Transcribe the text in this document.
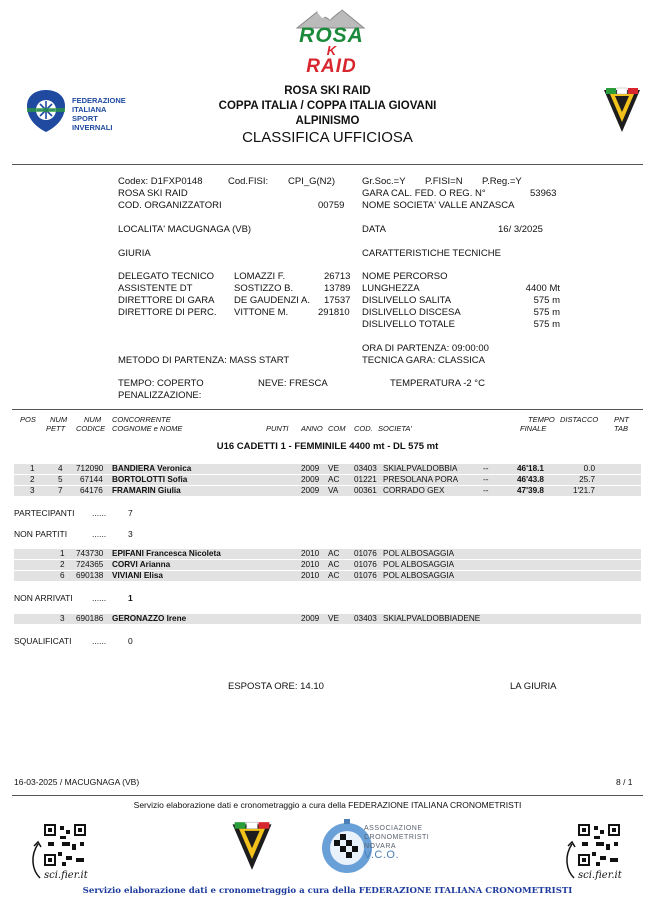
ROSA
K
RAID
FEDERAZIONE
ITALIANA
SPORT
INVERNALI
ROSA SKI RAID
COPPA ITALIA / COPPA ITALIA GIOVANI
ALPINISMO
CLASSIFICA UFFICIOSA
Codex: D1FXP0148	Cod.FISI: CPI_G(N2)	Gr.Soc.=Y P.FISI=N P.Reg.=Y
ROSA SKI RAID	GARA CAL. FED. O REG. N°	53963
COD. ORGANIZZATORI	00759 NOME SOCIETA' VALLE ANZASCA
LOCALITA' MACUGNAGA (VB)	DATA	16/ 3/2025
GIURIA	CARATTERISTICHE TECNICHE
DELEGATO TECNICO LOMAZZI F.	26713
ASSISTENTE DT	SOSTIZZO B.	13789
DIRETTORE DI GARA DE GAUDENZI A. 17537
DIRETTORE DI PERC. VITTONE M.	291810
NOME PERCORSO
LUNGHEZZA	4400 Mt
DISLIVELLO SALITA	575 m
DISLIVELLO DISCESA	575 m
DISLIVELLO TOTALE	575 m
ORA DI PARTENZA: 09:00:00
METODO DI PARTENZA: MASS START	TECNICA GARA: CLASSICA
TEMPO: COPERTO	NEVE: FRESCA	TEMPERATURA -2 °C
PENALIZZAZIONE:
POS NUM
PETT
NUM
CODICE
CONCORRENTE
COGNOME e NOME	PUNTI ANNO COM COD. SOCIETA'
TEMPO
FINALE
DISTACCO PNT
TAB
U16 CADETTI 1 - FEMMINILE 4400 mt - DL 575 mt
1	4 712090 BANDIERA Veronica	2009 VE 03403 SKIALPVALDOBBIA	--	46'18.1	0.0
2	5 67144 BORTOLOTTI Sofia	2009 AC 01221 PRESOLANA PORA	--	46'43.8	25.7
3	7 64176 FRAMARIN Giulia	2009 VA 00361 CORRADO GEX	--	47'39.8	1'21.7
PARTECIPANTI ......	7
NON PARTITI	......	3
1 743730 EPIFANI Francesca Nicoleta	2010 AC 01076 POL ALBOSAGGIA
2 724365 CORVI Arianna	2010 AC 01076 POL ALBOSAGGIA
6 690138 VIVIANI Elisa	2010 AC 01076 POL ALBOSAGGIA
NON ARRIVATI ......	1
3 690186 GERONAZZO Irene	2009 VE 03403 SKIALPVALDOBBIADENE
SQUALIFICATI ......	0
ESPOSTA ORE: 14.10	LA GIURIA
16-03-2025 / MACUGNAGA (VB)	8 / 1
Servizio elaborazione dati e cronometraggio a cura della FEDERAZIONE ITALIANA CRONOMETRISTI
sci.fier.it
ASSOCIAZIONE
CRONOMETRISTI
NOVARA
V.C.O.
sci.fier.it
Servizio elaborazione dati e cronometraggio a cura della FEDERAZIONE ITALIANA CRONOMETRISTI
